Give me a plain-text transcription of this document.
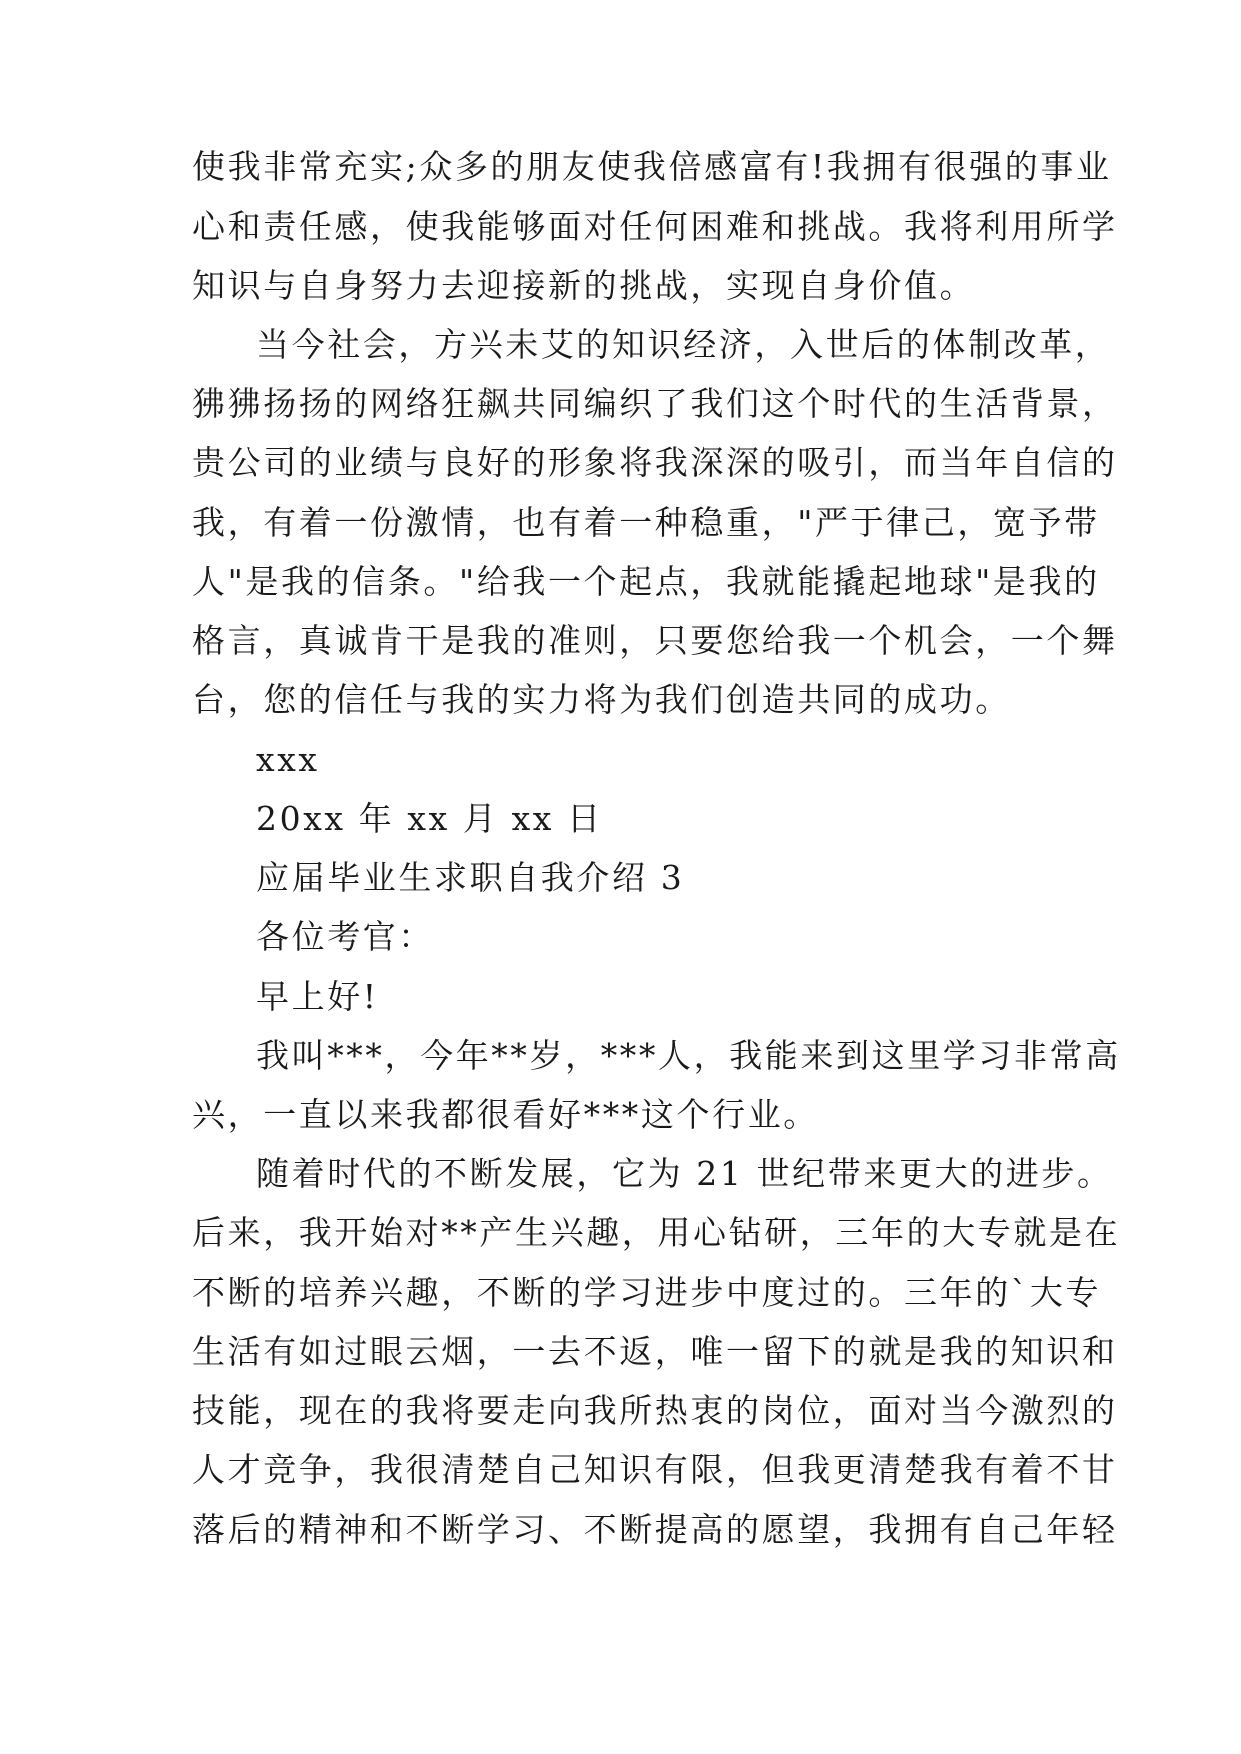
使我非常充实;众多的朋友使我倍感富有!我拥有很强的事业
心和责任感，使我能够面对任何困难和挑战。我将利用所学
知识与自身努力去迎接新的挑战，实现自身价值。
当今社会，方兴未艾的知识经济，入世后的体制改革，
狒狒扬扬的网络狂飙共同编织了我们这个时代的生活背景，
贵公司的业绩与良好的形象将我深深的吸引，而当年自信的
我，有着一份激情，也有着一种稳重，"严于律己，宽予带
人"是我的信条。"给我一个起点，我就能撬起地球"是我的
格言，真诚肯干是我的准则，只要您给我一个机会，一个舞
台，您的信任与我的实力将为我们创造共同的成功。
xxx
20xx 年 xx 月 xx 日
应届毕业生求职自我介绍 3
各位考官：
早上好!
我叫***，今年**岁，***人，我能来到这里学习非常高
兴，一直以来我都很看好***这个行业。
随着时代的不断发展，它为 21 世纪带来更大的进步。
后来，我开始对**产生兴趣，用心钻研，三年的大专就是在
不断的培养兴趣，不断的学习进步中度过的。三年的`大专
生活有如过眼云烟，一去不返，唯一留下的就是我的知识和
技能，现在的我将要走向我所热衷的岗位，面对当今激烈的
人才竞争，我很清楚自己知识有限，但我更清楚我有着不甘
落后的精神和不断学习、不断提高的愿望，我拥有自己年轻
